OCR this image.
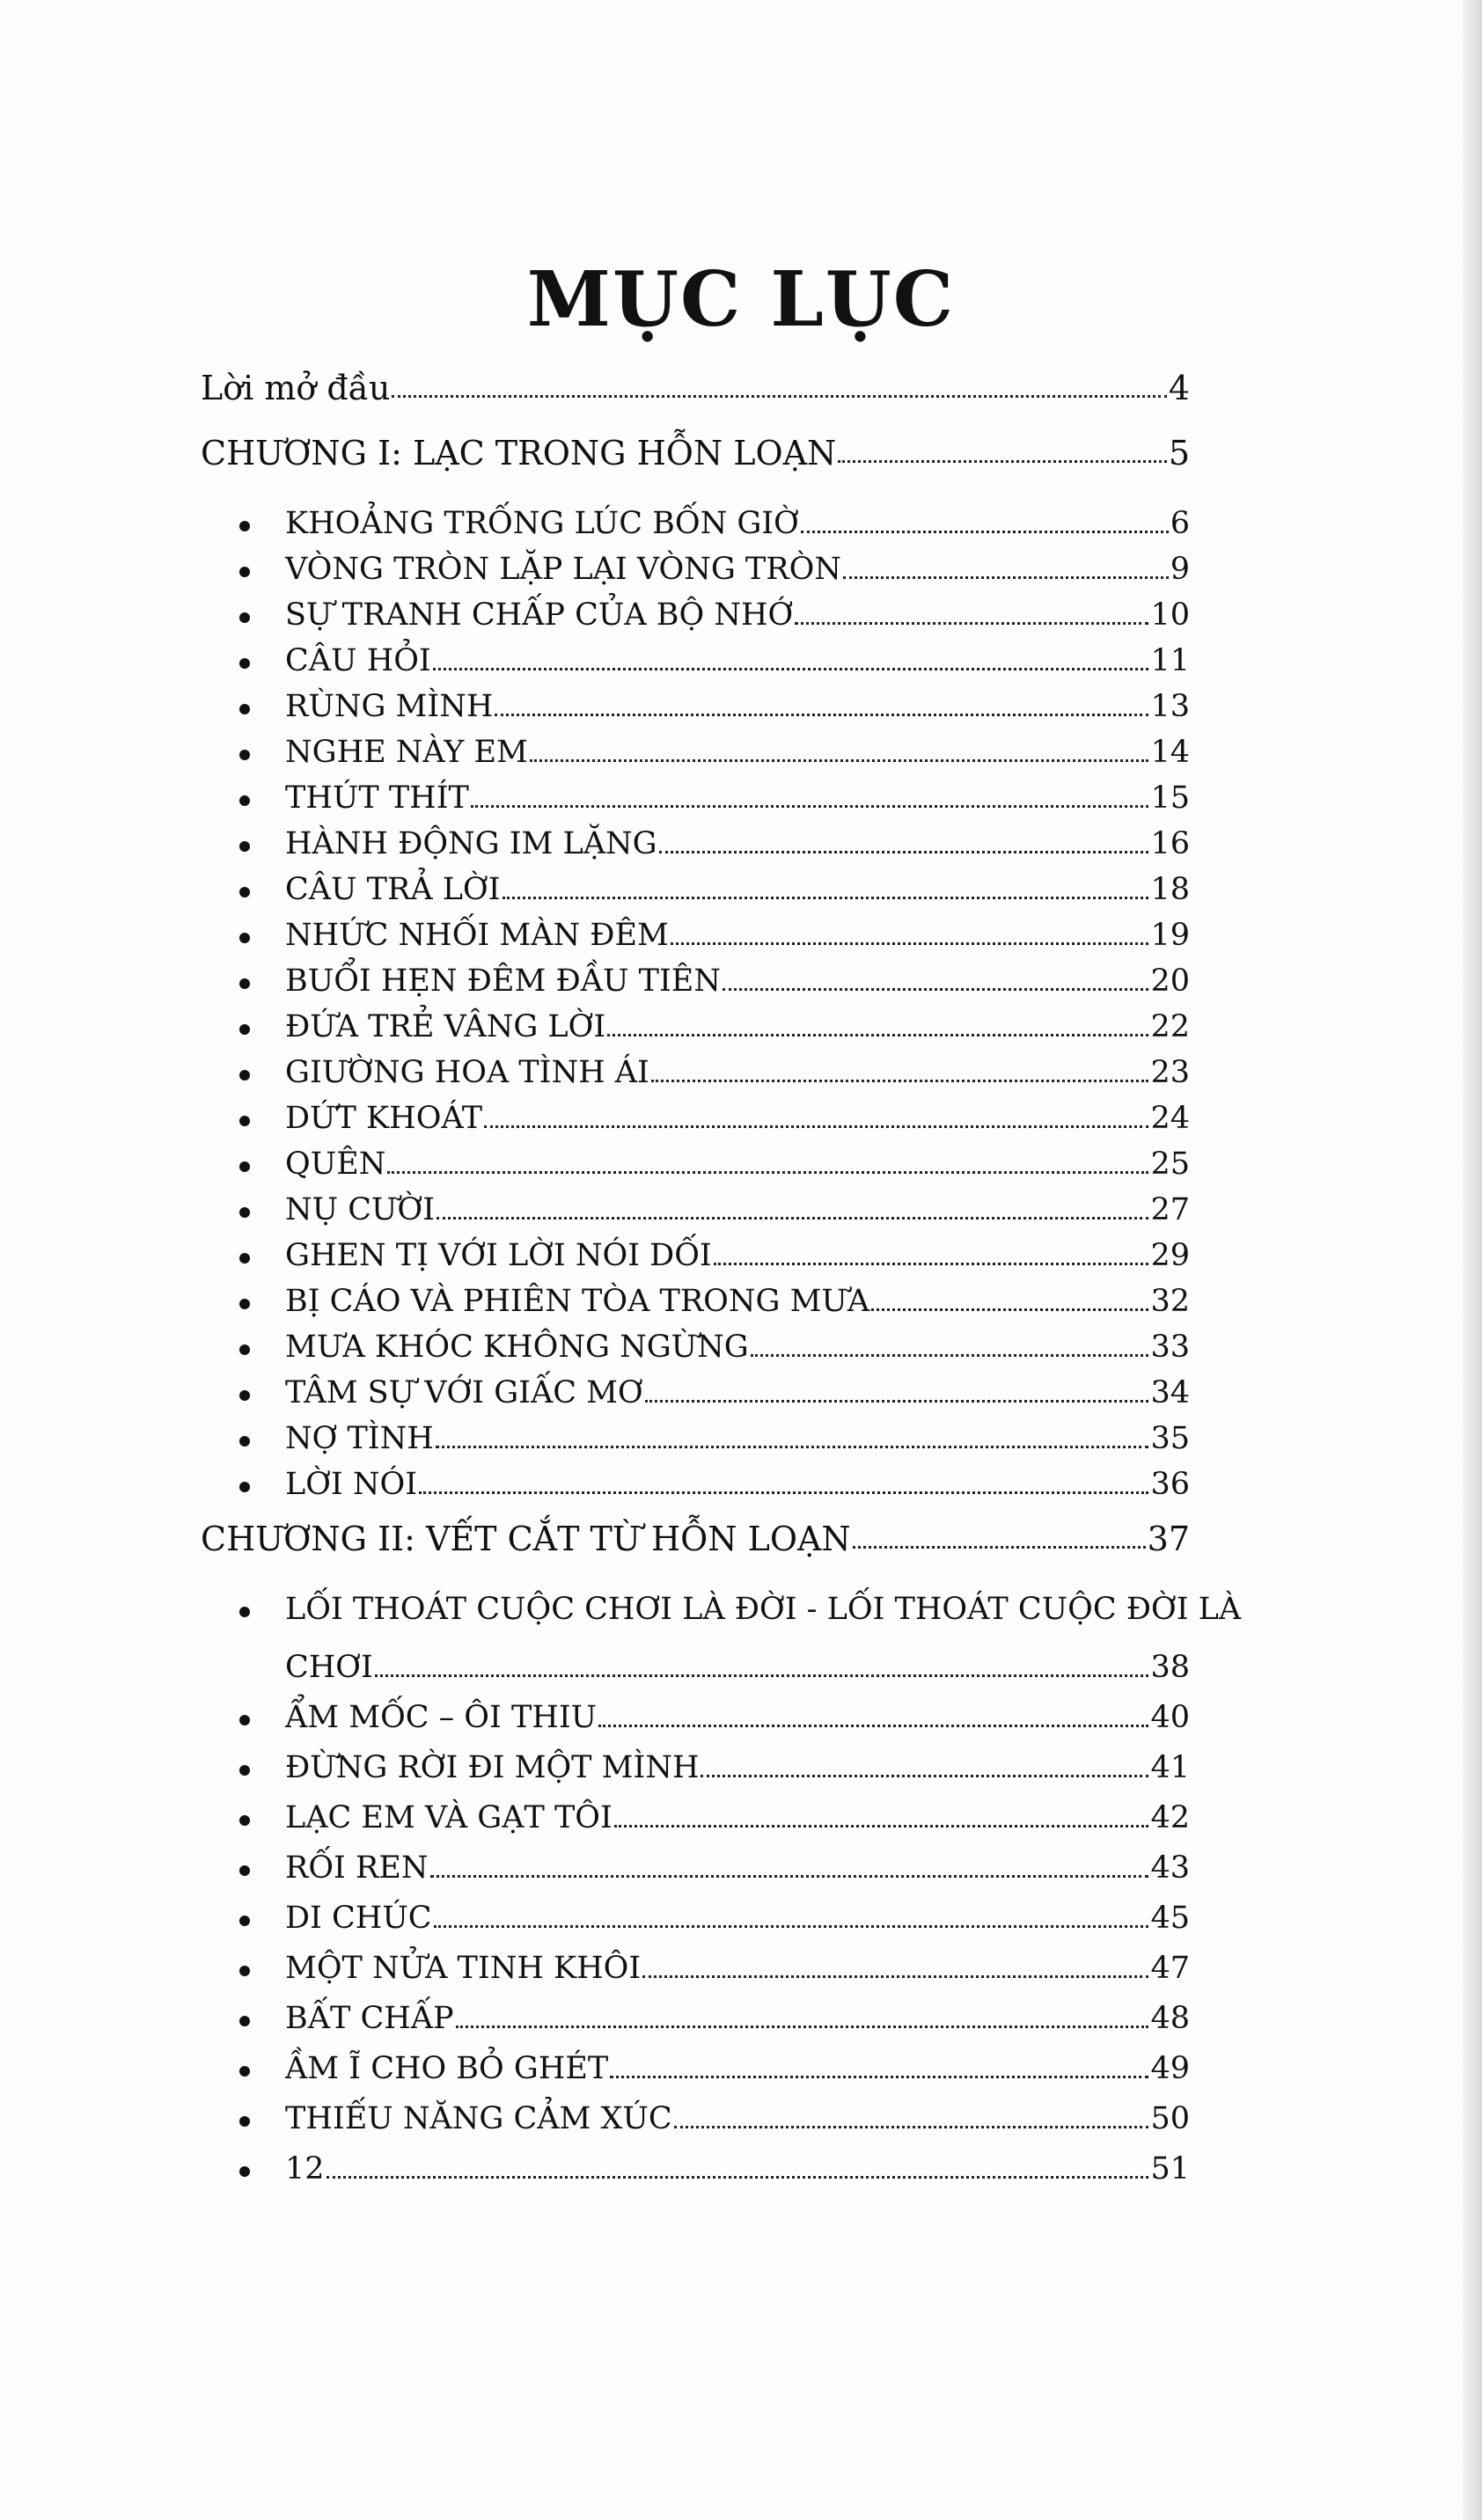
MỤC LỤC
Lời mở đầu	4
CHƯƠNG I: LẠC TRONG HỖN LOẠN	5
KHOẢNG TRỐNG LÚC BỐN GIỜ	6
VÒNG TRÒN LẶP LẠI VÒNG TRÒN	9
SỰ TRANH CHẤP CỦA BỘ NHỚ	10
CÂU HỎI	11
RÙNG MÌNH	13
NGHE NÀY EM	14
THÚT THÍT	15
HÀNH ĐỘNG IM LẶNG	16
CÂU TRẢ LỜI	18
NHỨC NHỐI MÀN ĐÊM	19
BUỔI HẸN ĐÊM ĐẦU TIÊN	20
ĐỨA TRẺ VÂNG LỜI	22
GIƯỜNG HOA TÌNH ÁI	23
DỨT KHOÁT	24
QUÊN	25
NỤ CƯỜI	27
GHEN TỊ VỚI LỜI NÓI DỐI	29
BỊ CÁO VÀ PHIÊN TÒA TRONG MƯA	32
MƯA KHÓC KHÔNG NGỪNG	33
TÂM SỰ VỚI GIẤC MƠ	34
NỢ TÌNH	35
LỜI NÓI	36
CHƯƠNG II: VẾT CẮT TỪ HỖN LOẠN	37
LỐI THOÁT CUỘC CHƠI LÀ ĐỜI - LỐI THOÁT CUỘC ĐỜI LÀ
CHƠI	38
ẨM MỐC – ÔI THIU	40
ĐỪNG RỜI ĐI MỘT MÌNH	41
LẠC EM VÀ GẠT TÔI	42
RỐI REN	43
DI CHÚC	45
MỘT NỬA TINH KHÔI	47
BẤT CHẤP	48
ẦM Ĩ CHO BỎ GHÉT	49
THIẾU NĂNG CẢM XÚC	50
12	51
